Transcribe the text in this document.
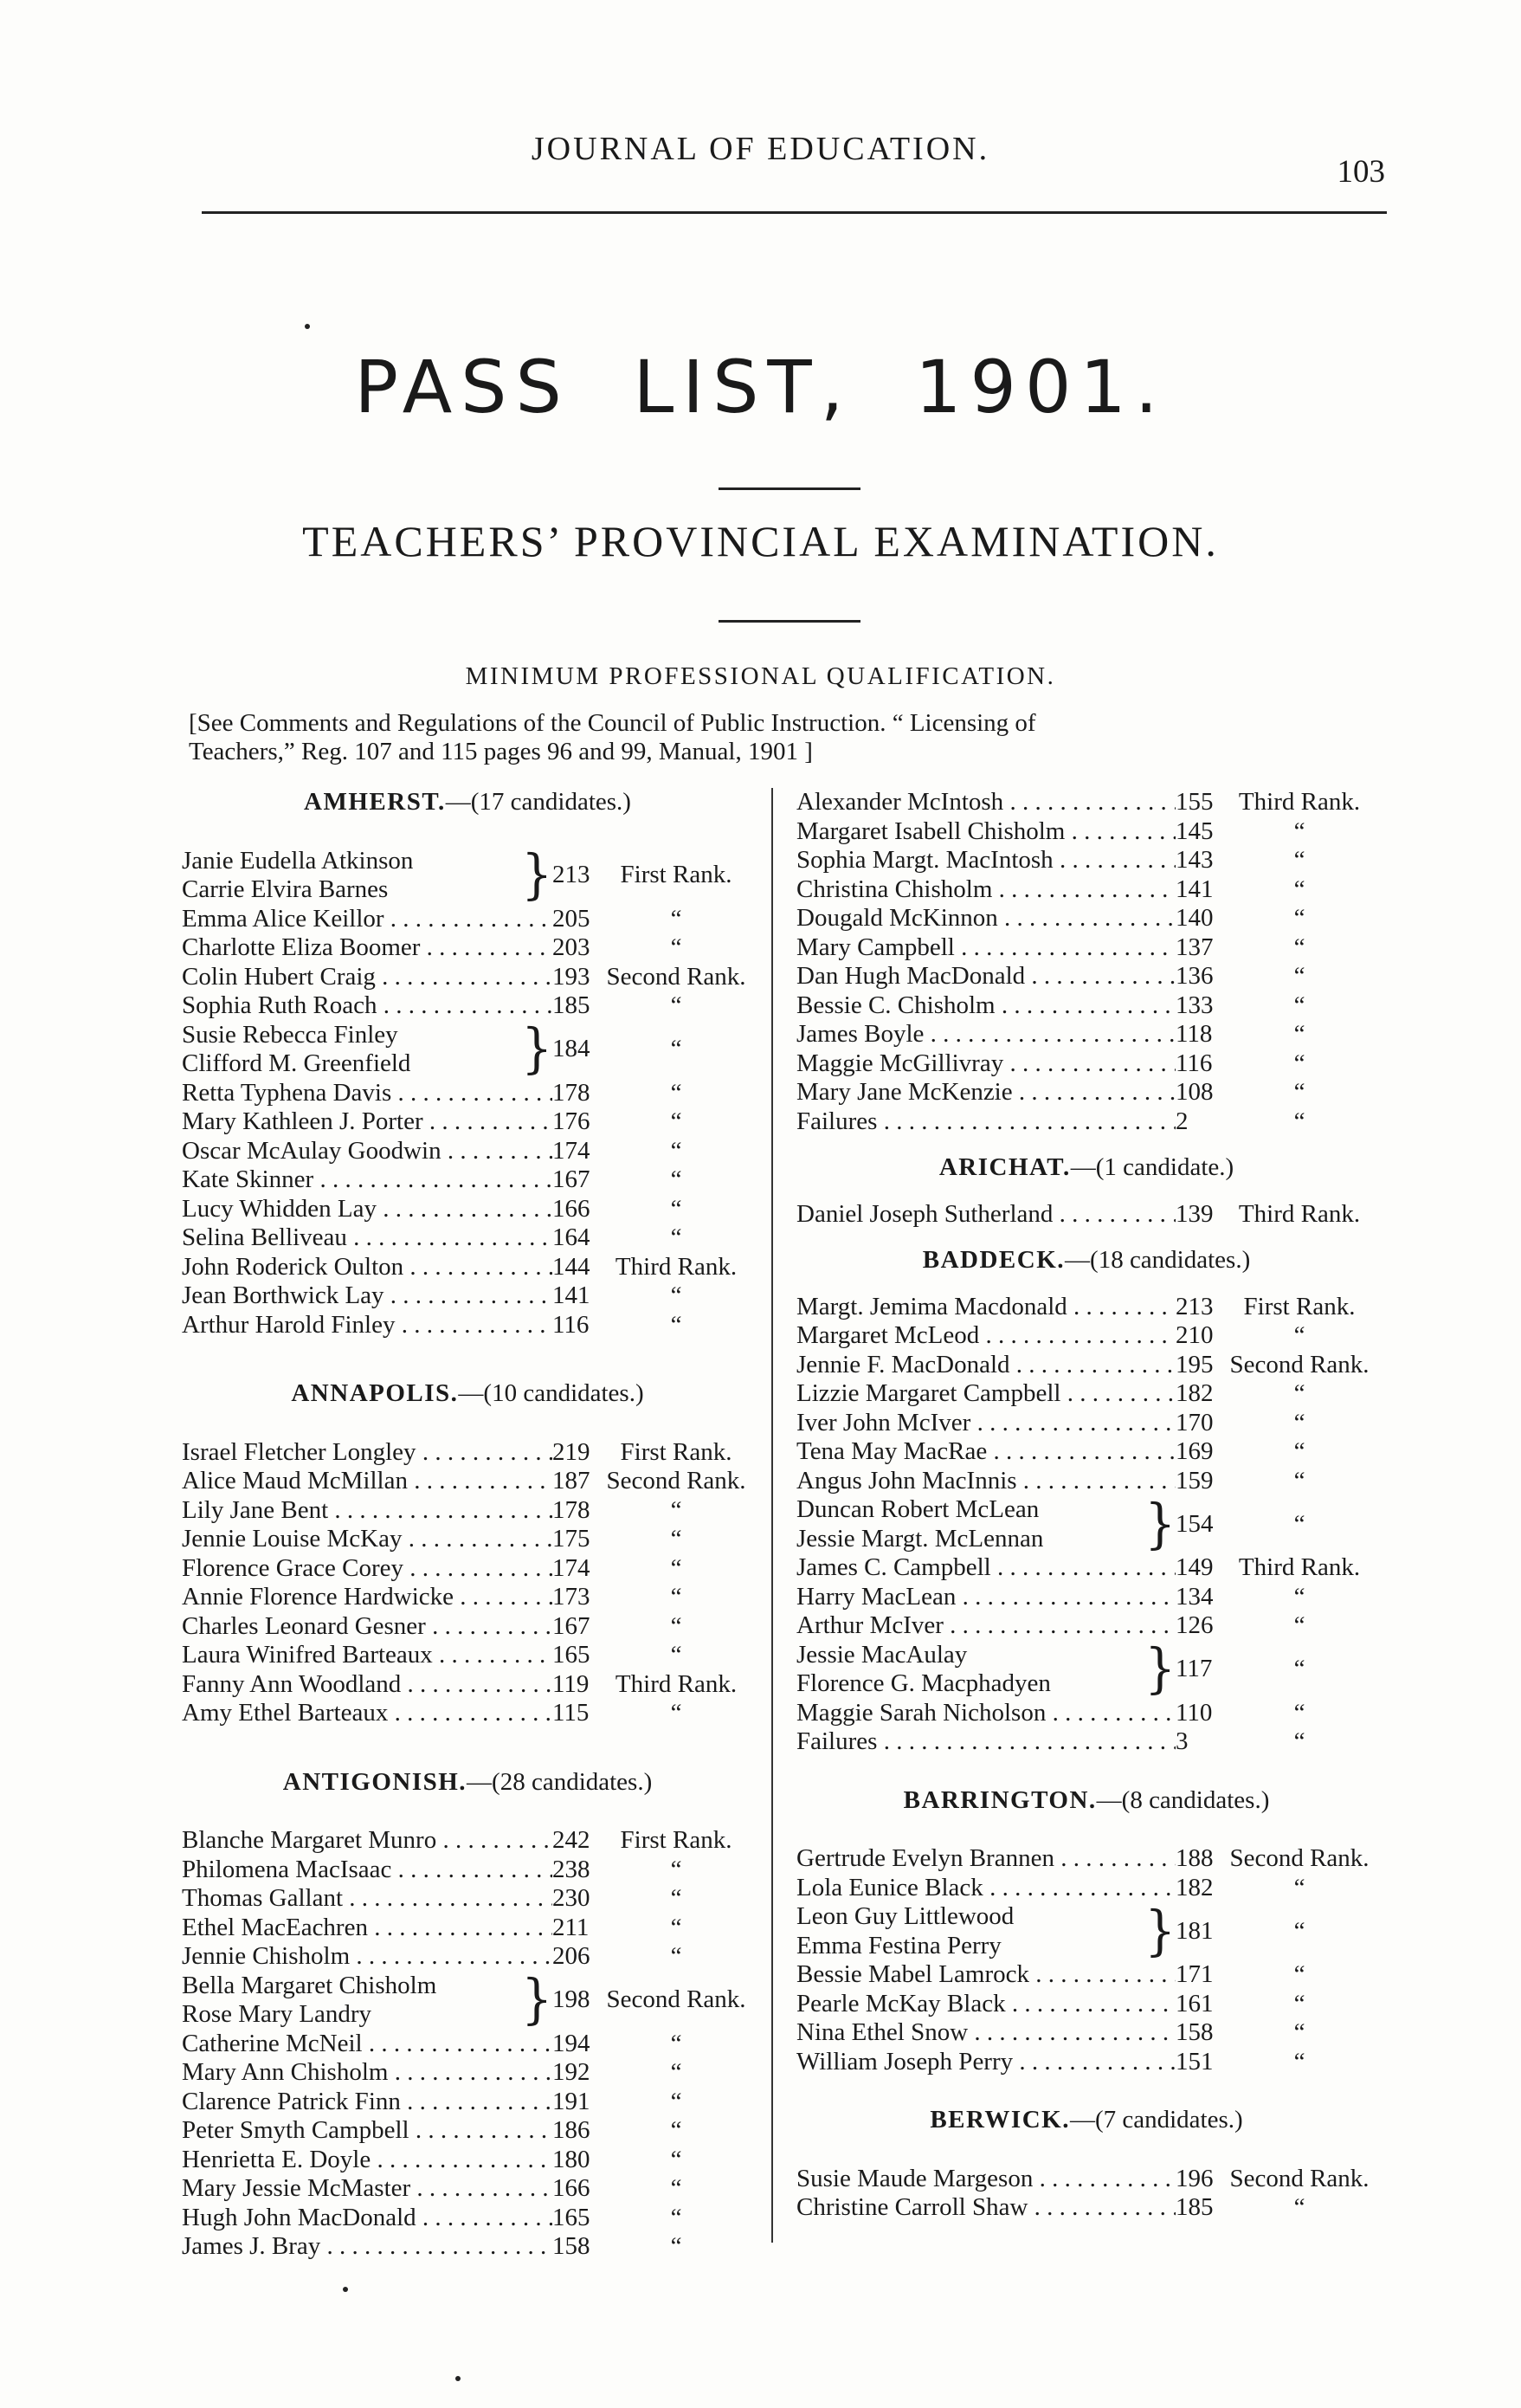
JOURNAL OF EDUCATION.
103
PASS LIST, 1901.
TEACHERS’ PROVINCIAL EXAMINATION.
MINIMUM PROFESSIONAL QUALIFICATION.
[See Comments and Regulations of the Council of Public Instruction. “ Licensing of
Teachers,” Reg. 107 and 115 pages 96 and 99, Manual, 1901 ]
AMHERST.—(17 candidates.)
Janie Eudella Atkinson
Carrie Elvira Barnes	} 213	First Rank.
Emma Alice Keillor . . .	205	“
Charlotte Eliza Boomer . . .	203	“
Colin Hubert Craig . . .	193 Second Rank.
Sophia Ruth Roach . . .	185	“
Susie Rebecca Finley
Clifford M. Greenfield	} 184	“
Retta Typhena Davis . . .	178	“
Mary Kathleen J. Porter . . .	176	“
Oscar McAulay Goodwin . . .	174	“
Kate Skinner . . .	167	“
Lucy Whidden Lay . . .	166	“
Selina Belliveau . . .	164	“
John Roderick Oulton . . .	144	Third Rank.
Jean Borthwick Lay . . .	141	“
Arthur Harold Finley . . .	116	“
ANNAPOLIS.—(10 candidates.)
Israel Fletcher Longley . . .	219	First Rank.
Alice Maud McMillan . . .	187 Second Rank.
Lily Jane Bent . . .	178	“
Jennie Louise McKay . . .	175	“
Florence Grace Corey . . .	174	“
Annie Florence Hardwicke . . .	173	“
Charles Leonard Gesner . . .	167	“
Laura Winifred Barteaux . . .	165	“
Fanny Ann Woodland . . .	119	Third Rank.
Amy Ethel Barteaux . . .	115	“
ANTIGONISH.—(28 candidates.)
Blanche Margaret Munro . . .	242	First Rank.
Philomena MacIsaac . . .	238	“
Thomas Gallant . . .	230	“
Ethel MacEachren . . .	211	“
Jennie Chisholm . . .	206	“
Bella Margaret Chisholm
Rose Mary Landry	} 198 Second Rank.
Catherine McNeil . . .	194	“
Mary Ann Chisholm . . .	192	“
Clarence Patrick Finn . . .	191	“
Peter Smyth Campbell . . .	186	“
Henrietta E. Doyle . . .	180	“
Mary Jessie McMaster . . .	166	“
Hugh John MacDonald . . .	165	“
James J. Bray . . .	158	“
Alexander McIntosh . . .	155	Third Rank.
Margaret Isabell Chisholm . . .	145	“
Sophia Margt. MacIntosh . . .	143	“
Christina Chisholm . . .	141	“
Dougald McKinnon . . .	140	“
Mary Campbell . . .	137	“
Dan Hugh MacDonald . . .	136	“
Bessie C. Chisholm . . .	133	“
James Boyle . . .	118	“
Maggie McGillivray . . .	116	“
Mary Jane McKenzie . . .	108	“
Failures . . .	2	“
ARICHAT.—(1 candidate.)
Daniel Joseph Sutherland . . .	139	Third Rank.
BADDECK.—(18 candidates.)
Margt. Jemima Macdonald . . .	213	First Rank.
Margaret McLeod . . .	210	“
Jennie F. MacDonald . . .	195 Second Rank.
Lizzie Margaret Campbell . . .	182	“
Iver John McIver . . .	170	“
Tena May MacRae . . .	169	“
Angus John MacInnis . . .	159	“
Duncan Robert McLean
Jessie Margt. McLennan	} 154	“
James C. Campbell . . .	149	Third Rank.
Harry MacLean . . .	134	“
Arthur McIver . . .	126	“
Jessie MacAulay
Florence G. Macphadyen	} 117	“
Maggie Sarah Nicholson . . .	110	“
Failures . . .	3	“
BARRINGTON.—(8 candidates.)
Gertrude Evelyn Brannen . . .	188 Second Rank.
Lola Eunice Black . . .	182	“
Leon Guy Littlewood
Emma Festina Perry	} 181	“
Bessie Mabel Lamrock . . .	171	“
Pearle McKay Black . . .	161	“
Nina Ethel Snow . . .	158	“
William Joseph Perry . . .	151	“
BERWICK.—(7 candidates.)
Susie Maude Margeson . . .	196 Second Rank.
Christine Carroll Shaw . . .	185	“
